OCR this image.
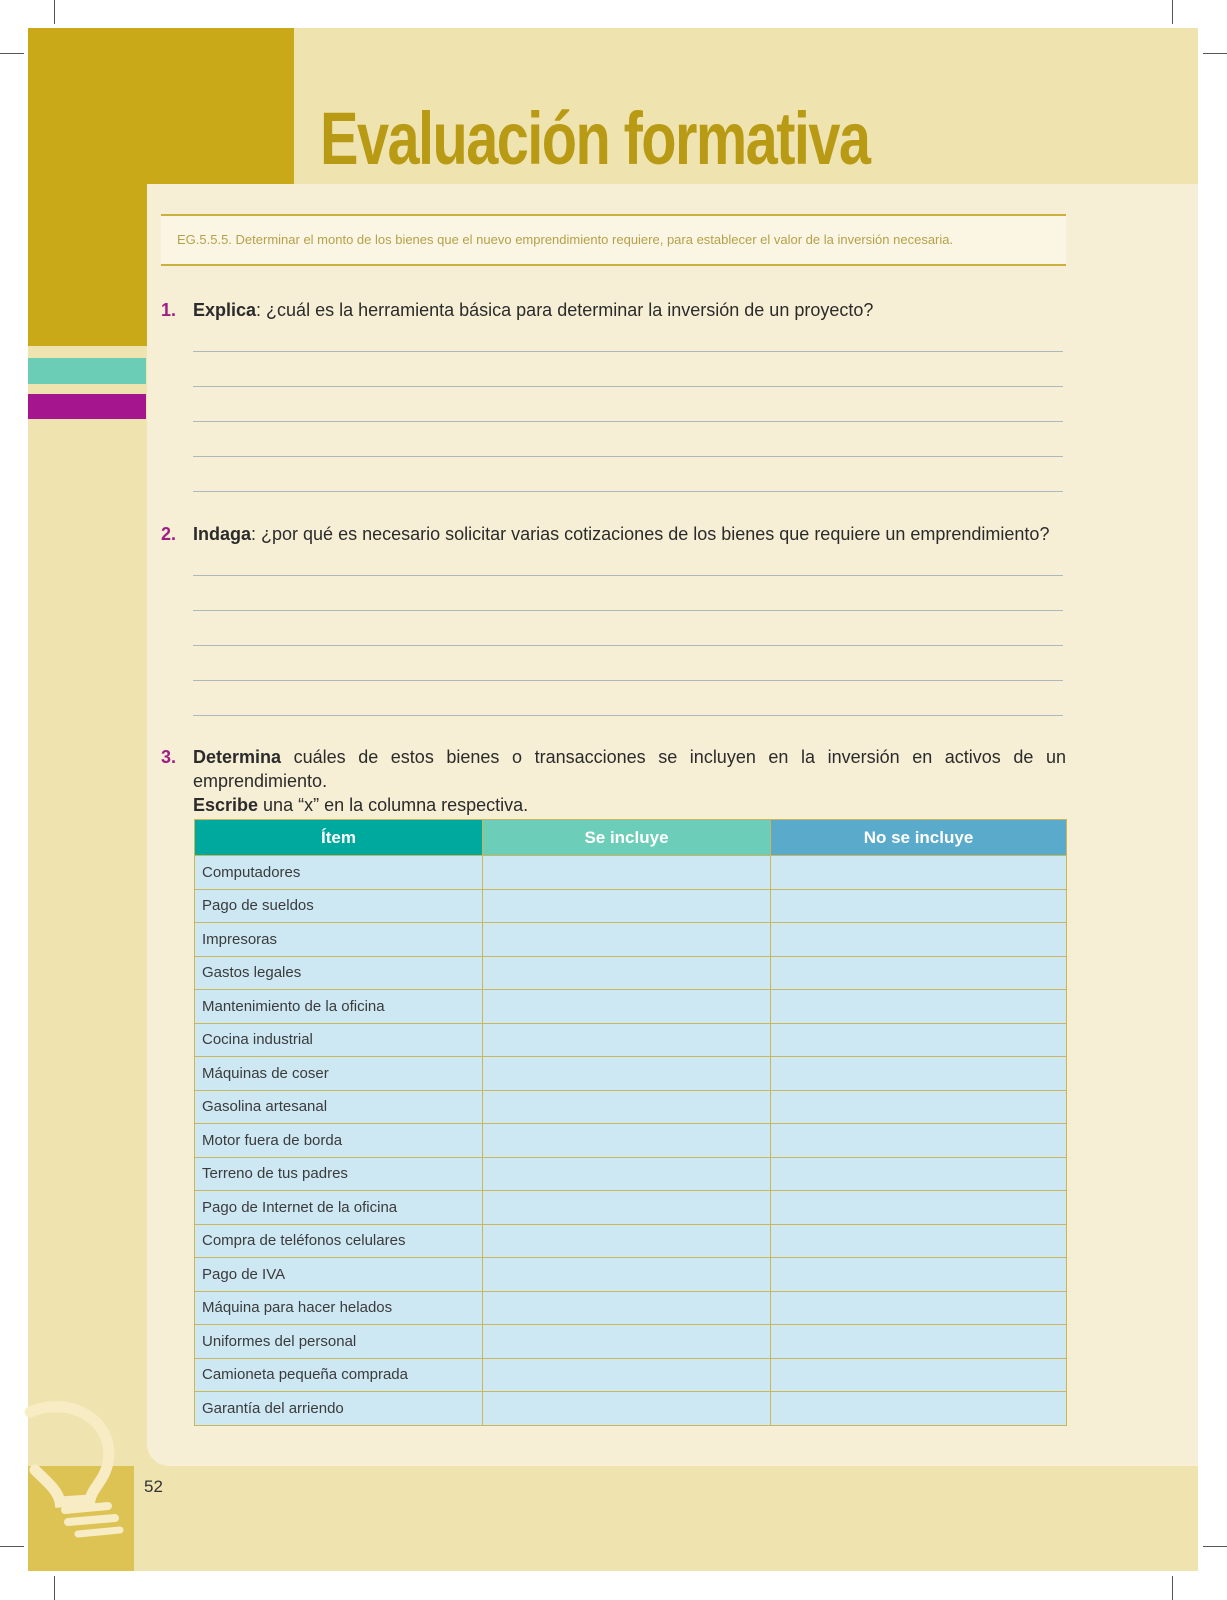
Evaluación formativa
EG.5.5.5. Determinar el monto de los bienes que el nuevo emprendimiento requiere, para establecer el valor de la inversión necesaria.
1. Explica: ¿cuál es la herramienta básica para determinar la inversión de un proyecto?
2. Indaga: ¿por qué es necesario solicitar varias cotizaciones de los bienes que requiere un emprendimiento?
3. Determina cuáles de estos bienes o transacciones se incluyen en la inversión en activos de un emprendimiento.
Escribe una “x” en la columna respectiva.
Ítem	Se incluye	No se incluye
Computadores		
Pago de sueldos		
Impresoras		
Gastos legales		
Mantenimiento de la oficina		
Cocina industrial		
Máquinas de coser		
Gasolina artesanal		
Motor fuera de borda		
Terreno de tus padres		
Pago de Internet de la oficina		
Compra de teléfonos celulares		
Pago de IVA		
Máquina para hacer helados		
Uniformes del personal		
Camioneta pequeña comprada		
Garantía del arriendo		
52
